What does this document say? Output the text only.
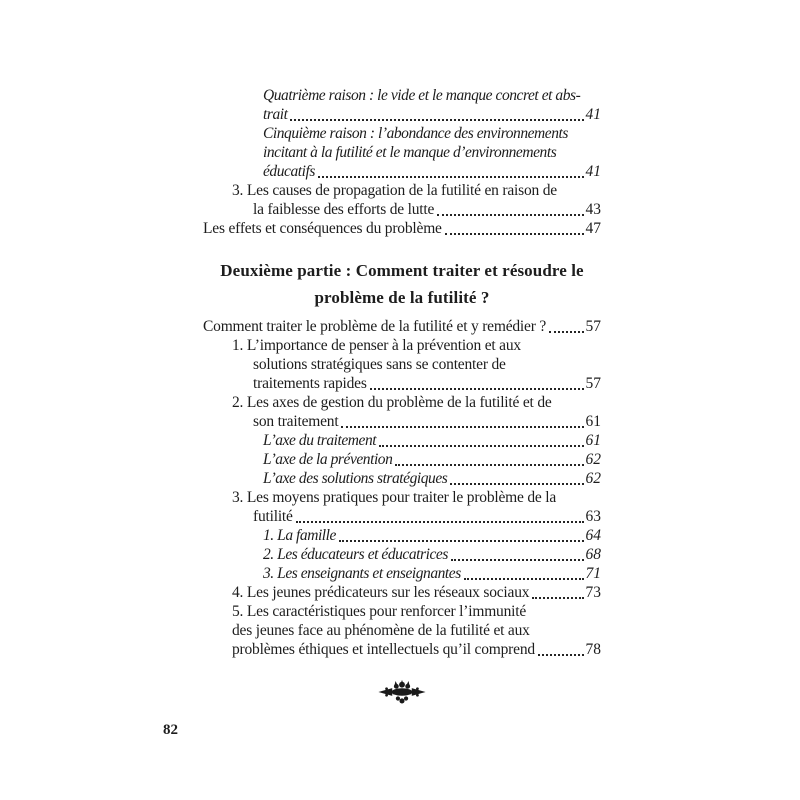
Quatrième raison : le vide et le manque concret et abs-
trait	41
Cinquième raison : l’abondance des environnements
incitant à la futilité et le manque d’environnements
éducatifs	41
3. Les causes de propagation de la futilité en raison de
la faiblesse des efforts de lutte	43
Les effets et conséquences du problème	47
Deuxième partie : Comment traiter et résoudre le
problème de la futilité ?
Comment traiter le problème de la futilité et y remédier ?	57
1. L’importance de penser à la prévention et aux
solutions stratégiques sans se contenter de
traitements rapides	57
2. Les axes de gestion du problème de la futilité et de
son traitement	61
L’axe du traitement	61
L’axe de la prévention	62
L’axe des solutions stratégiques	62
3. Les moyens pratiques pour traiter le problème de la
futilité	63
1. La famille	64
2. Les éducateurs et éducatrices	68
3. Les enseignants et enseignantes	71
4. Les jeunes prédicateurs sur les réseaux sociaux	73
5. Les caractéristiques pour renforcer l’immunité
des jeunes face au phénomène de la futilité et aux
problèmes éthiques et intellectuels qu’il comprend	78
82
